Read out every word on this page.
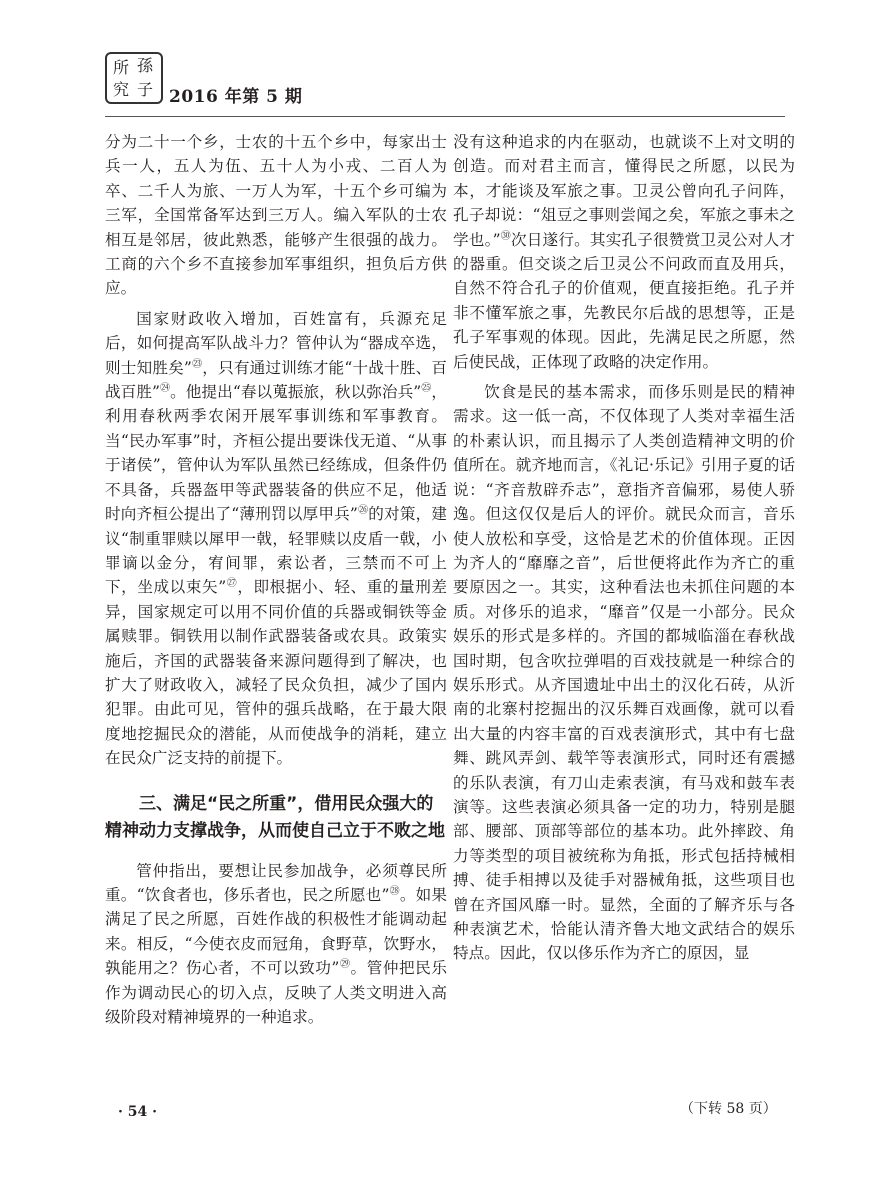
所 孫
究 子 2016 年第 5 期

分为二十一个乡，士农的十五个乡中，每家出士兵一人，五人为伍、五十人为小戎、二百人为卒、二千人为旅、一万人为军，十五个乡可编为三军，全国常备军达到三万人。编入军队的士农相互是邻居，彼此熟悉，能够产生很强的战力。工商的六个乡不直接参加军事组织，担负后方供应。

国家财政收入增加，百姓富有，兵源充足后，如何提高军队战斗力？管仲认为“器成卒选，则士知胜矣”$^㉓$，只有通过训练才能“十战十胜、百战百胜”$^㉔$。他提出“春以蒐振旅，秋以弥治兵”$^㉕$，利用春秋两季农闲开展军事训练和军事教育。当“民办军事”时，齐桓公提出要诛伐无道、“从事于诸侯”，管仲认为军队虽然已经练成，但条件仍不具备，兵器盔甲等武器装备的供应不足，他适时向齐桓公提出了“薄刑罚以厚甲兵”$^㉖$的对策，建议“制重罪赎以犀甲一戟，轻罪赎以皮盾一戟，小罪谪以金分，宥间罪，索讼者，三禁而不可上下，坐成以束矢”$^㉗$，即根据小、轻、重的量刑差异，国家规定可以用不同价值的兵器或铜铁等金属赎罪。铜铁用以制作武器装备或农具。政策实施后，齐国的武器装备来源问题得到了解决，也扩大了财政收入，减轻了民众负担，减少了国内犯罪。由此可见，管仲的强兵战略，在于最大限度地挖掘民众的潜能，从而使战争的消耗，建立在民众广泛支持的前提下。

三、满足“民之所重”，借用民众强大的精神动力支撑战争，从而使自己立于不败之地

管仲指出，要想让民参加战争，必须尊民所重。“饮食者也，侈乐者也，民之所愿也”$^㉘$。如果满足了民之所愿，百姓作战的积极性才能调动起来。相反，“今使衣皮而冠角，食野草，饮野水，孰能用之？伤心者，不可以致功”$^㉙$。管仲把民乐作为调动民心的切入点，反映了人类文明进入高级阶段对精神境界的一种追求。

没有这种追求的内在驱动，也就谈不上对文明的创造。而对君主而言，懂得民之所愿，以民为本，才能谈及军旅之事。卫灵公曾向孔子问阵，孔子却说：“俎豆之事则尝闻之矣，军旅之事未之学也。”$^㉚$次日遂行。其实孔子很赞赏卫灵公对人才的器重。但交谈之后卫灵公不问政而直及用兵，自然不符合孔子的价值观，便直接拒绝。孔子并非不懂军旅之事，先教民尔后战的思想等，正是孔子军事观的体现。因此，先满足民之所愿，然后使民战，正体现了政略的决定作用。

饮食是民的基本需求，而侈乐则是民的精神需求。这一低一高，不仅体现了人类对幸福生活的朴素认识，而且揭示了人类创造精神文明的价值所在。就齐地而言，《礼记·乐记》引用子夏的话说：“齐音敖辟乔志”，意指齐音偏邪，易使人骄逸。但这仅仅是后人的评价。就民众而言，音乐使人放松和享受，这恰是艺术的价值体现。正因为齐人的“靡靡之音”，后世便将此作为齐亡的重要原因之一。其实，这种看法也未抓住问题的本质。对侈乐的追求，“靡音”仅是一小部分。民众娱乐的形式是多样的。齐国的都城临淄在春秋战国时期，包含吹拉弹唱的百戏技就是一种综合的娱乐形式。从齐国遗址中出土的汉化石砖，从沂南的北寨村挖掘出的汉乐舞百戏画像，就可以看出大量的内容丰富的百戏表演形式，其中有七盘舞、跳风弄剑、载竿等表演形式，同时还有震撼的乐队表演，有刀山走索表演，有马戏和鼓车表演等。这些表演必须具备一定的功力，特别是腿部、腰部、顶部等部位的基本功。此外摔跤、角力等类型的项目被统称为角抵，形式包括持械相搏、徒手相搏以及徒手对器械角抵，这些项目也曾在齐国风靡一时。显然，全面的了解齐乐与各种表演艺术，恰能认清齐鲁大地文武结合的娱乐特点。因此，仅以侈乐作为齐亡的原因，显

（下转 58 页）
· 54 ·
